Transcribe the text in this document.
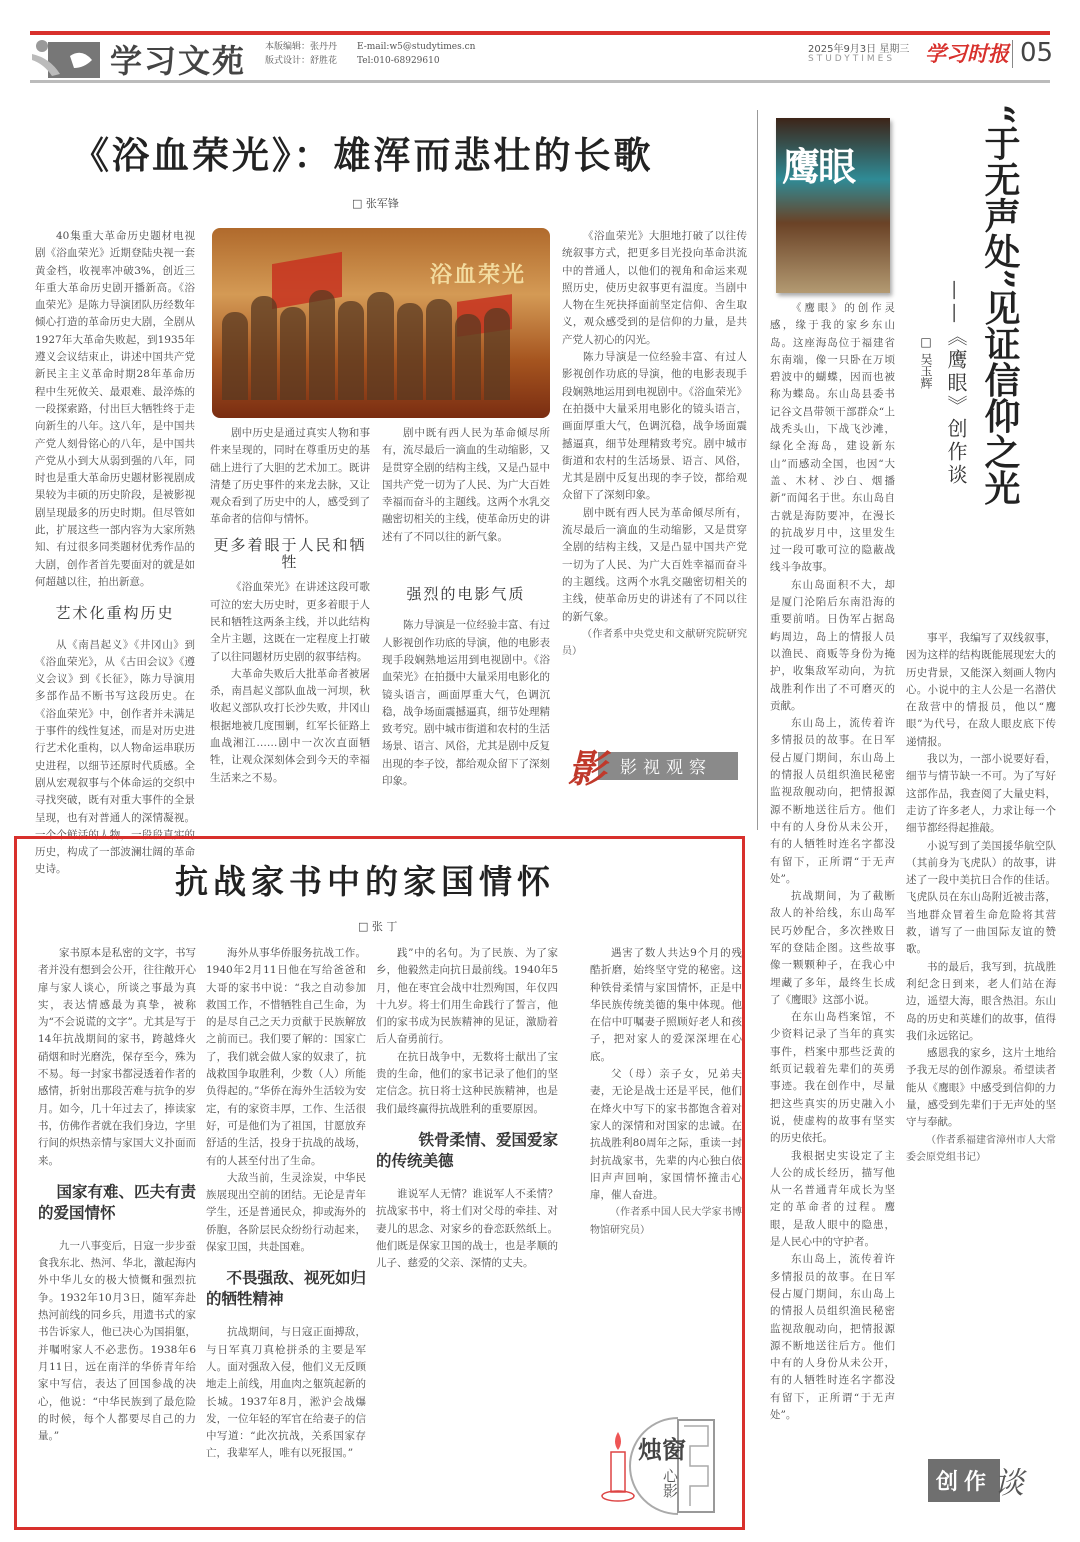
学习文苑 本版编辑：张丹丹
版式设计：舒胜花
E-mail:w5@studytimes.cn
Tel:010-68929610
2025年9月3日 星期三
STUDYTIMES 学习时报 05
《浴血荣光》：雄浑而悲壮的长歌
□ 张军锋
浴血荣光

40集重大革命历史题材电视剧《浴血荣光》近期登陆央视一套黄金档，收视率冲破3%，创近三年重大革命历史剧开播新高。《浴血荣光》是陈力导演团队历经数年倾心打造的革命历史大剧，全剧从1927年大革命失败起，到1935年遵义会议结束止，讲述中国共产党新民主主义革命时期28年革命历程中生死攸关、最艰难、最淬炼的一段探索路，付出巨大牺牲终于走向新生的八年。这八年，是中国共产党人刻骨铭心的八年，是中国共产党从小到大从弱到强的八年，同时也是重大革命历史题材影视剧成果较为丰硕的历史阶段，是被影视剧呈现最多的历史时期。但尽管如此，扩展这些一部内容为大家所熟知、有过很多同类题材优秀作品的大剧，创作者首先要面对的就是如何超越以往，拍出新意。

艺术化重构历史

从《南昌起义》《井冈山》到《浴血荣光》，从《古田会议》《遵义会议》到《长征》，陈力导演用多部作品不断书写这段历史。在《浴血荣光》中，创作者并未满足于事件的线性复述，而是对历史进行艺术化重构，以人物命运串联历史进程，以细节还原时代质感。全剧从宏观叙事与个体命运的交织中寻找突破，既有对重大事件的全景呈现，也有对普通人的深情凝视。一个个鲜活的人物，一段段真实的历史，构成了一部波澜壮阔的革命史诗。

剧中历史是通过真实人物和事件来呈现的，同时在尊重历史的基础上进行了大胆的艺术加工。既讲清楚了历史事件的来龙去脉，又让观众看到了历史中的人，感受到了革命者的信仰与情怀。

更多着眼于人民和牺牲

《浴血荣光》在讲述这段可歌可泣的宏大历史时，更多着眼于人民和牺牲这两条主线，并以此结构全片主题，这既在一定程度上打破了以往同题材历史剧的叙事结构。

大革命失败后大批革命者被屠杀，南昌起义部队血战一河坝，秋收起义部队攻打长沙失败，井冈山根据地被几度围剿，红军长征路上血战湘江……剧中一次次直面牺牲，让观众深刻体会到今天的幸福生活来之不易。

剧中既有西人民为革命倾尽所有，流尽最后一滴血的生动缩影，又是贯穿全剧的结构主线，又是凸显中国共产党一切为了人民、为广大百姓幸福而奋斗的主题线。这两个水乳交融密切相关的主线，使革命历史的讲述有了不同以往的新气象。

强烈的电影气质

陈力导演是一位经验丰富、有过人影视创作功底的导演，他的电影表现手段娴熟地运用到电视剧中。《浴血荣光》在拍摄中大量采用电影化的镜头语言，画面厚重大气，色调沉稳，战争场面震撼逼真，细节处理精致考究。剧中城市街道和农村的生活场景、语言、风俗，尤其是剧中反复出现的李子饺，都给观众留下了深刻印象。

《浴血荣光》大胆地打破了以往传统叙事方式，把更多目光投向革命洪流中的普通人，以他们的视角和命运来观照历史，使历史叙事更有温度。当剧中人物在生死抉择面前坚定信仰、舍生取义，观众感受到的是信仰的力量，是共产党人初心的闪光。

陈力导演是一位经验丰富、有过人影视创作功底的导演，他的电影表现手段娴熟地运用到电视剧中。《浴血荣光》在拍摄中大量采用电影化的镜头语言，画面厚重大气，色调沉稳，战争场面震撼逼真，细节处理精致考究。剧中城市街道和农村的生活场景、语言、风俗，尤其是剧中反复出现的李子饺，都给观众留下了深刻印象。

剧中既有西人民为革命倾尽所有，流尽最后一滴血的生动缩影，又是贯穿全剧的结构主线，又是凸显中国共产党一切为了人民、为广大百姓幸福而奋斗的主题线。这两个水乳交融密切相关的主线，使革命历史的讲述有了不同以往的新气象。

（作者系中央党史和文献研究院研究员）

影 影视观察
鹰眼	“于无声处”见证信仰之光
——《鹰眼》创作谈
□ 吴玉辉

《鹰眼》的创作灵感，缘于我的家乡东山岛。这座海岛位于福建省东南端，像一只卧在万顷碧波中的蝴蝶，因而也被称为蝶岛。东山岛县委书记谷文昌带领干部群众“上战秃头山，下战飞沙滩，绿化全海岛，建设新东山”而感动全国，也因“大盖、木材、沙白、烟播新”而闻名于世。东山岛自古就是海防要冲，在漫长的抗战岁月中，这里发生过一段可歌可泣的隐蔽战线斗争故事。

东山岛面积不大，却是厦门沦陷后东南沿海的重要前哨。日伪军占据岛屿周边，岛上的情报人员以渔民、商贩等身份为掩护，收集敌军动向，为抗战胜利作出了不可磨灭的贡献。

东山岛上，流传着许多情报员的故事。在日军侵占厦门期间，东山岛上的情报人员组织渔民秘密监视敌舰动向，把情报源源不断地送往后方。他们中有的人身份从未公开，有的人牺牲时连名字都没有留下，正所谓“于无声处”。

抗战期间，为了截断敌人的补给线，东山岛军民巧妙配合，多次挫败日军的登陆企图。这些故事像一颗颗种子，在我心中埋藏了多年，最终生长成了《鹰眼》这部小说。

在东山岛档案馆，不少资料记录了当年的真实事件，档案中那些泛黄的纸页记载着先辈们的英勇事迹。我在创作中，尽量把这些真实的历史融入小说，使虚构的故事有坚实的历史依托。

我根据史实设定了主人公的成长经历，描写他从一名普通青年成长为坚定的革命者的过程。鹰眼，是敌人眼中的隐患，是人民心中的守护者。

东山岛上，流传着许多情报员的故事。在日军侵占厦门期间，东山岛上的情报人员组织渔民秘密监视敌舰动向，把情报源源不断地送往后方。他们中有的人身份从未公开，有的人牺牲时连名字都没有留下，正所谓“于无声处”。

事平，我编写了双线叙事，因为这样的结构既能展现宏大的历史背景，又能深入刻画人物内心。小说中的主人公是一名潜伏在敌营中的情报员，他以“鹰眼”为代号，在敌人眼皮底下传递情报。

我以为，一部小说要好看，细节与情节缺一不可。为了写好这部作品，我查阅了大量史料，走访了许多老人，力求让每一个细节都经得起推敲。

小说写到了美国援华航空队（其前身为飞虎队）的故事，讲述了一段中美抗日合作的佳话。飞虎队员在东山岛附近被击落，当地群众冒着生命危险将其营救，谱写了一曲国际友谊的赞歌。

书的最后，我写到，抗战胜利纪念日到来，老人们站在海边，遥望大海，眼含热泪。东山岛的历史和英雄们的故事，值得我们永远铭记。

感恩我的家乡，这片土地给予我无尽的创作源泉。希望读者能从《鹰眼》中感受到信仰的力量，感受到先辈们于无声处的坚守与奉献。

（作者系福建省漳州市人大常委会原党组书记）

创作 谈
抗战家书中的家国情怀
□ 张 丁

家书原本是私密的文字，书写者并没有想到会公开，往往敞开心扉与家人谈心，所谈之事最为真实，表达情感最为真挚，被称为“不会说谎的文字”。尤其是写于14年抗战期间的家书，跨越烽火硝烟和时光磨洗，保存至今，殊为不易。每一封家书都浸透着作者的感情，折射出那段苦难与抗争的岁月。如今，几十年过去了，捧读家书，仿佛作者就在我们身边，字里行间的炽热亲情与家国大义扑面而来。

国家有难、匹夫有责
的爱国情怀

九一八事变后，日寇一步步蚕食我东北、热河、华北，激起海内外中华儿女的极大愤慨和强烈抗争。1932年10月3日，随军奔赴热河前线的同乡兵，用遗书式的家书告诉家人，他已决心为国捐躯，并嘱咐家人不必悲伤。1938年6月11日，远在南洋的华侨青年给家中写信，表达了回国参战的决心，他说：“中华民族到了最危险的时候，每个人都要尽自己的力量。”

海外从事华侨服务抗战工作。1940年2月11日他在写给爸爸和大哥的家书中说：“我之自动参加救国工作，不惜牺牲自己生命，为的是尽自己之天力贡献于民族解放之前而已。我们要了解的：国家亡了，我们就会做人家的奴隶了，抗战救国争取胜利，少数（人）所能负得起的。”华侨在海外生活较为安定，有的家资丰厚，工作、生活很好，可是他们为了祖国，甘愿放弃舒适的生活，投身于抗战的战场，有的人甚至付出了生命。

大敌当前，生灵涂炭，中华民族展现出空前的团结。无论是青年学生，还是普通民众，抑或海外的侨胞，各阶层民众纷纷行动起来，保家卫国，共赴国难。

不畏强敌、视死如归
的牺牲精神

抗战期间，与日寇正面搏敌，与日军真刀真枪拼杀的主要是军人。面对强敌入侵，他们义无反顾地走上前线，用血肉之躯筑起新的长城。1937年8月，淞沪会战爆发，一位年轻的军官在给妻子的信中写道：“此次抗战，关系国家存亡，我辈军人，唯有以死报国。”

践”中的名句。为了民族、为了家乡，他毅然走向抗日最前线。1940年5月，他在枣宜会战中壮烈殉国，年仅四十九岁。将士们用生命践行了誓言，他们的家书成为民族精神的见证，激励着后人奋勇前行。

在抗日战争中，无数将士献出了宝贵的生命，他们的家书记录了他们的坚定信念。抗日将士这种民族精神，也是我们最终赢得抗战胜利的重要原因。

铁骨柔情、爱国爱家
的传统美德

谁说军人无情？谁说军人不柔情？抗战家书中，将士们对父母的牵挂、对妻儿的思念、对家乡的眷恋跃然纸上。他们既是保家卫国的战士，也是孝顺的儿子、慈爱的父亲、深情的丈夫。

遇害了数人共达9个月的残酷折磨，始终坚守党的秘密。这种铁骨柔情与家国情怀，正是中华民族传统美德的集中体现。他在信中叮嘱妻子照顾好老人和孩子，把对家人的爱深深埋在心底。

父（母）亲子女，兄弟夫妻，无论是战士还是平民，他们在烽火中写下的家书都饱含着对家人的深情和对国家的忠诚。在抗战胜利80周年之际，重读一封封抗战家书，先辈的内心独白依旧声声回响，家国情怀撞击心扉，催人奋进。

（作者系中国人民大学家书博物馆研究员）

烛窗
心影
